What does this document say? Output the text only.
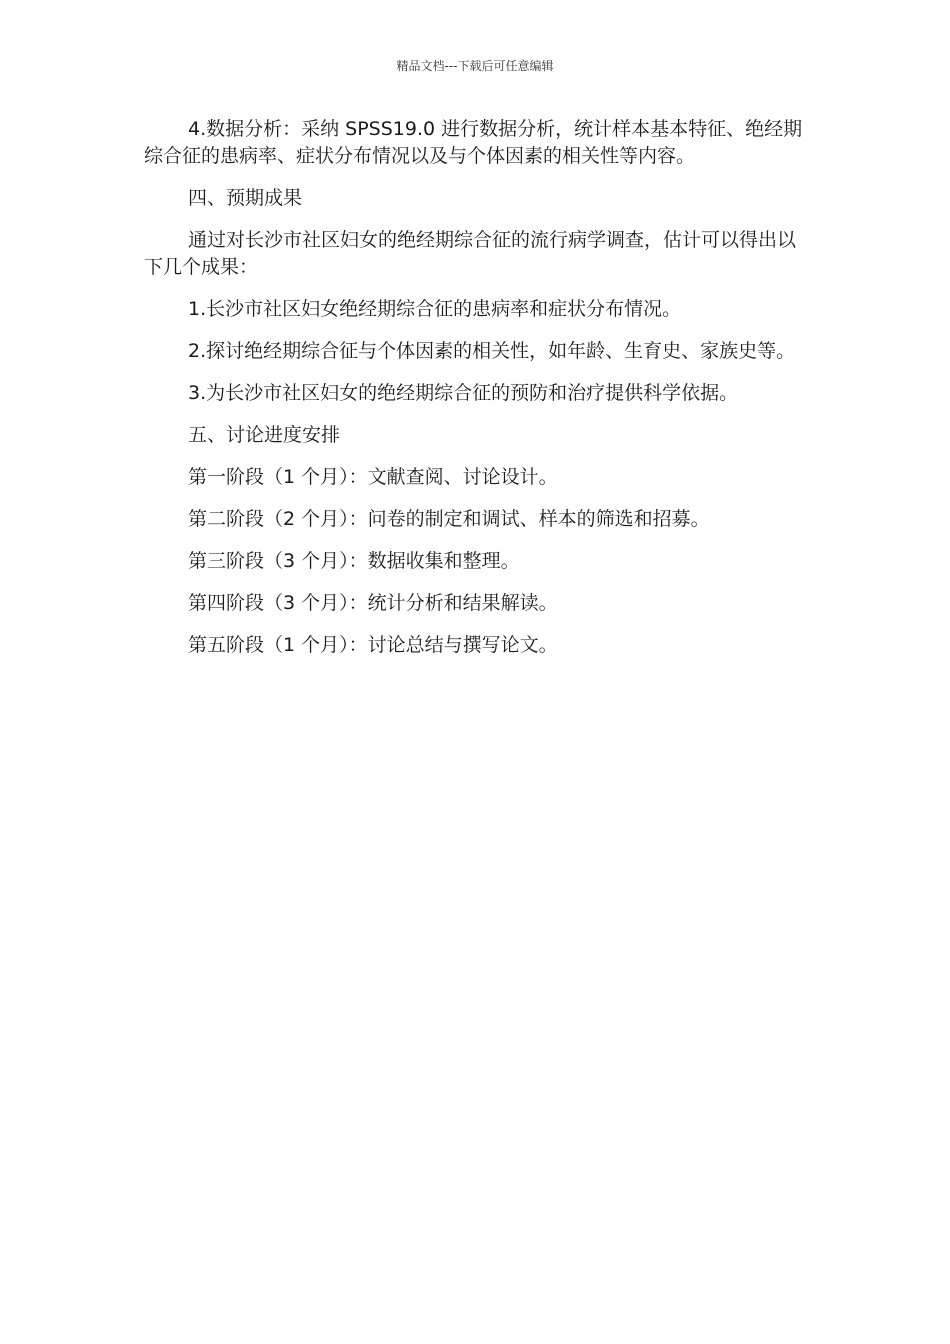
精品文档---下载后可任意编辑

4.数据分析：采纳 SPSS19.0 进行数据分析，统计样本基本特征、绝经期综合征的患病率、症状分布情况以及与个体因素的相关性等内容。

四、预期成果

通过对长沙市社区妇女的绝经期综合征的流行病学调查，估计可以得出以下几个成果：

1.长沙市社区妇女绝经期综合征的患病率和症状分布情况。

2.探讨绝经期综合征与个体因素的相关性，如年龄、生育史、家族史等。

3.为长沙市社区妇女的绝经期综合征的预防和治疗提供科学依据。

五、讨论进度安排

第一阶段（1 个月）：文献查阅、讨论设计。

第二阶段（2 个月）：问卷的制定和调试、样本的筛选和招募。

第三阶段（3 个月）：数据收集和整理。

第四阶段（3 个月）：统计分析和结果解读。

第五阶段（1 个月）：讨论总结与撰写论文。
